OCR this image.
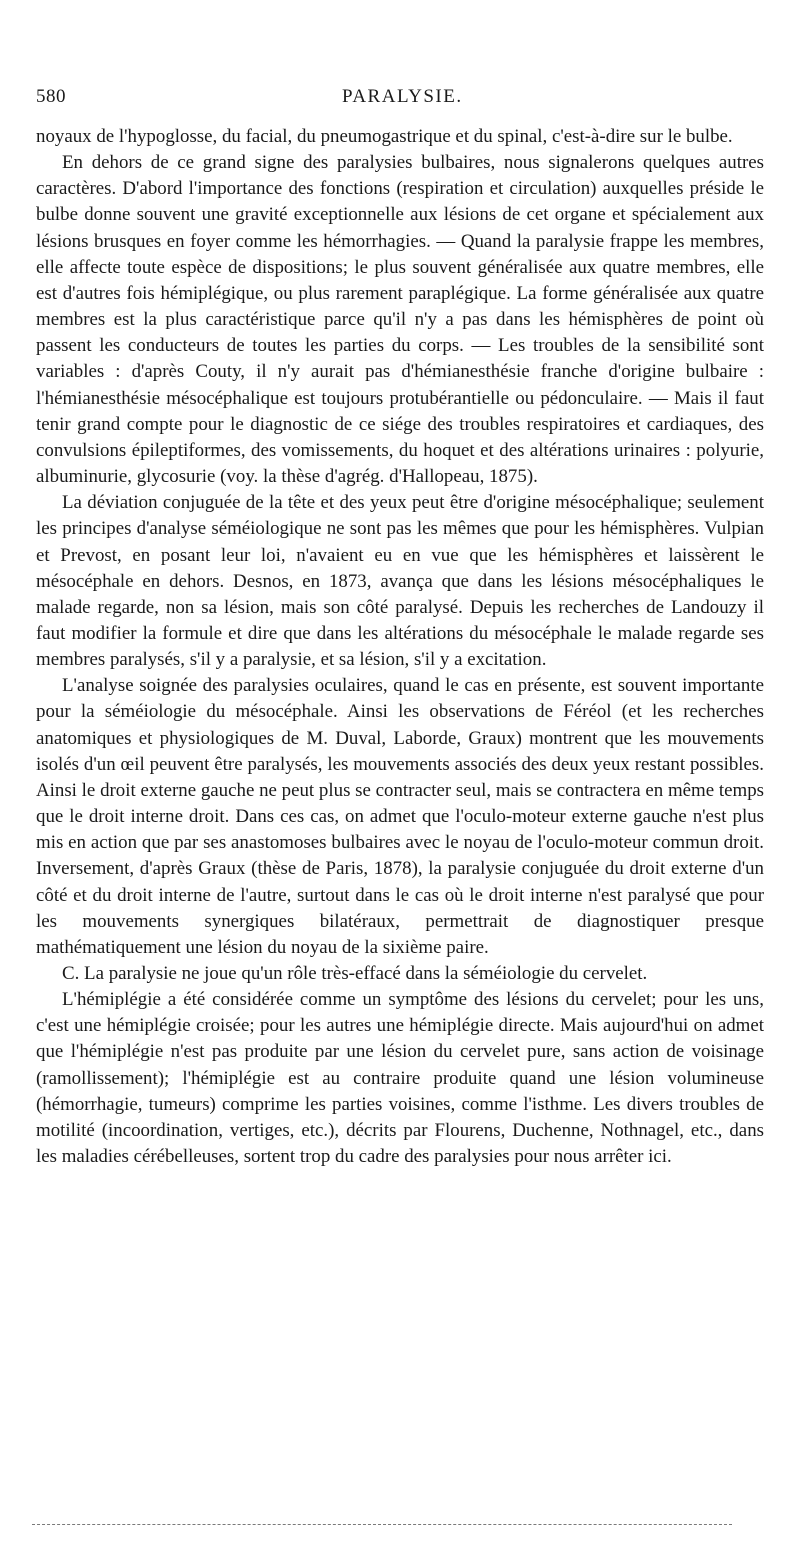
580	PARALYSIE.

noyaux de l'hypoglosse, du facial, du pneumogastrique et du spinal, c'est-à-dire sur le bulbe.

En dehors de ce grand signe des paralysies bulbaires, nous signalerons quelques autres caractères. D'abord l'importance des fonctions (respiration et circulation) auxquelles préside le bulbe donne souvent une gravité exceptionnelle aux lésions de cet organe et spécialement aux lésions brusques en foyer comme les hémorrhagies. — Quand la paralysie frappe les membres, elle affecte toute espèce de dispositions; le plus souvent généralisée aux quatre membres, elle est d'autres fois hémiplégique, ou plus rarement paraplégique. La forme généralisée aux quatre membres est la plus caractéristique parce qu'il n'y a pas dans les hémisphères de point où passent les conducteurs de toutes les parties du corps. — Les troubles de la sensibilité sont variables : d'après Couty, il n'y aurait pas d'hémianesthésie franche d'origine bulbaire : l'hémianesthésie mésocéphalique est toujours protubérantielle ou pédonculaire. — Mais il faut tenir grand compte pour le diagnostic de ce siége des troubles respiratoires et cardiaques, des convulsions épileptiformes, des vomissements, du hoquet et des altérations urinaires : polyurie, albuminurie, glycosurie (voy. la thèse d'agrég. d'Hallopeau, 1875).

La déviation conjuguée de la tête et des yeux peut être d'origine mésocéphalique; seulement les principes d'analyse séméiologique ne sont pas les mêmes que pour les hémisphères. Vulpian et Prevost, en posant leur loi, n'avaient eu en vue que les hémisphères et laissèrent le mésocéphale en dehors. Desnos, en 1873, avança que dans les lésions mésocéphaliques le malade regarde, non sa lésion, mais son côté paralysé. Depuis les recherches de Landouzy il faut modifier la formule et dire que dans les altérations du mésocéphale le malade regarde ses membres paralysés, s'il y a paralysie, et sa lésion, s'il y a excitation.

L'analyse soignée des paralysies oculaires, quand le cas en présente, est souvent importante pour la séméiologie du mésocéphale. Ainsi les observations de Féréol (et les recherches anatomiques et physiologiques de M. Duval, Laborde, Graux) montrent que les mouvements isolés d'un œil peuvent être paralysés, les mouvements associés des deux yeux restant possibles. Ainsi le droit externe gauche ne peut plus se contracter seul, mais se contractera en même temps que le droit interne droit. Dans ces cas, on admet que l'oculo-moteur externe gauche n'est plus mis en action que par ses anastomoses bulbaires avec le noyau de l'oculo-moteur commun droit. Inversement, d'après Graux (thèse de Paris, 1878), la paralysie conjuguée du droit externe d'un côté et du droit interne de l'autre, surtout dans le cas où le droit interne n'est paralysé que pour les mouvements synergiques bilatéraux, permettrait de diagnostiquer presque mathématiquement une lésion du noyau de la sixième paire.

C. La paralysie ne joue qu'un rôle très-effacé dans la séméiologie du cervelet.

L'hémiplégie a été considérée comme un symptôme des lésions du cervelet; pour les uns, c'est une hémiplégie croisée; pour les autres une hémiplégie directe. Mais aujourd'hui on admet que l'hémiplégie n'est pas produite par une lésion du cervelet pure, sans action de voisinage (ramollissement); l'hémiplégie est au contraire produite quand une lésion volumineuse (hémorrhagie, tumeurs) comprime les parties voisines, comme l'isthme. Les divers troubles de motilité (incoordination, vertiges, etc.), décrits par Flourens, Duchenne, Nothnagel, etc., dans les maladies cérébelleuses, sortent trop du cadre des paralysies pour nous arrêter ici.
